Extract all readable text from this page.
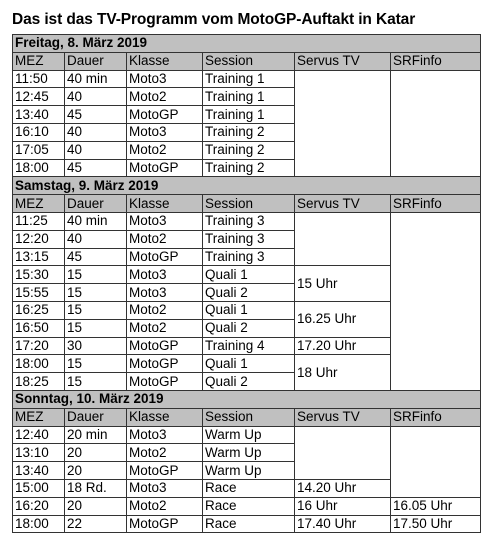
Das ist das TV-Programm vom MotoGP-Auftakt in Katar
Freitag, 8. März 2019					
MEZ	Dauer	Klasse	Session	Servus TV	SRFinfo
11:50	40 min	Moto3	Training 1		
12:45	40	Moto2	Training 1		
13:40	45	MotoGP	Training 1		
16:10	40	Moto3	Training 2		
17:05	40	Moto2	Training 2		
18:00	45	MotoGP	Training 2		
Samstag, 9. März 2019					
MEZ	Dauer	Klasse	Session	Servus TV	SRFinfo
11:25	40 min	Moto3	Training 3		
12:20	40	Moto2	Training 3		
13:15	45	MotoGP	Training 3		
15:30	15	Moto3	Quali 1	15 Uhr	
15:55	15	Moto3	Quali 2		
16:25	15	Moto2	Quali 1	16.25 Uhr	
16:50	15	Moto2	Quali 2		
17:20	30	MotoGP	Training 4	17.20 Uhr	
18:00	15	MotoGP	Quali 1	18 Uhr	
18:25	15	MotoGP	Quali 2		
Sonntag, 10. März 2019					
MEZ	Dauer	Klasse	Session	Servus TV	SRFinfo
12:40	20 min	Moto3	Warm Up		
13:10	20	Moto2	Warm Up		
13:40	20	MotoGP	Warm Up		
15:00	18 Rd.	Moto3	Race	14.20 Uhr	
16:20	20	Moto2	Race	16 Uhr	16.05 Uhr
18:00	22	MotoGP	Race	17.40 Uhr	17.50 Uhr
